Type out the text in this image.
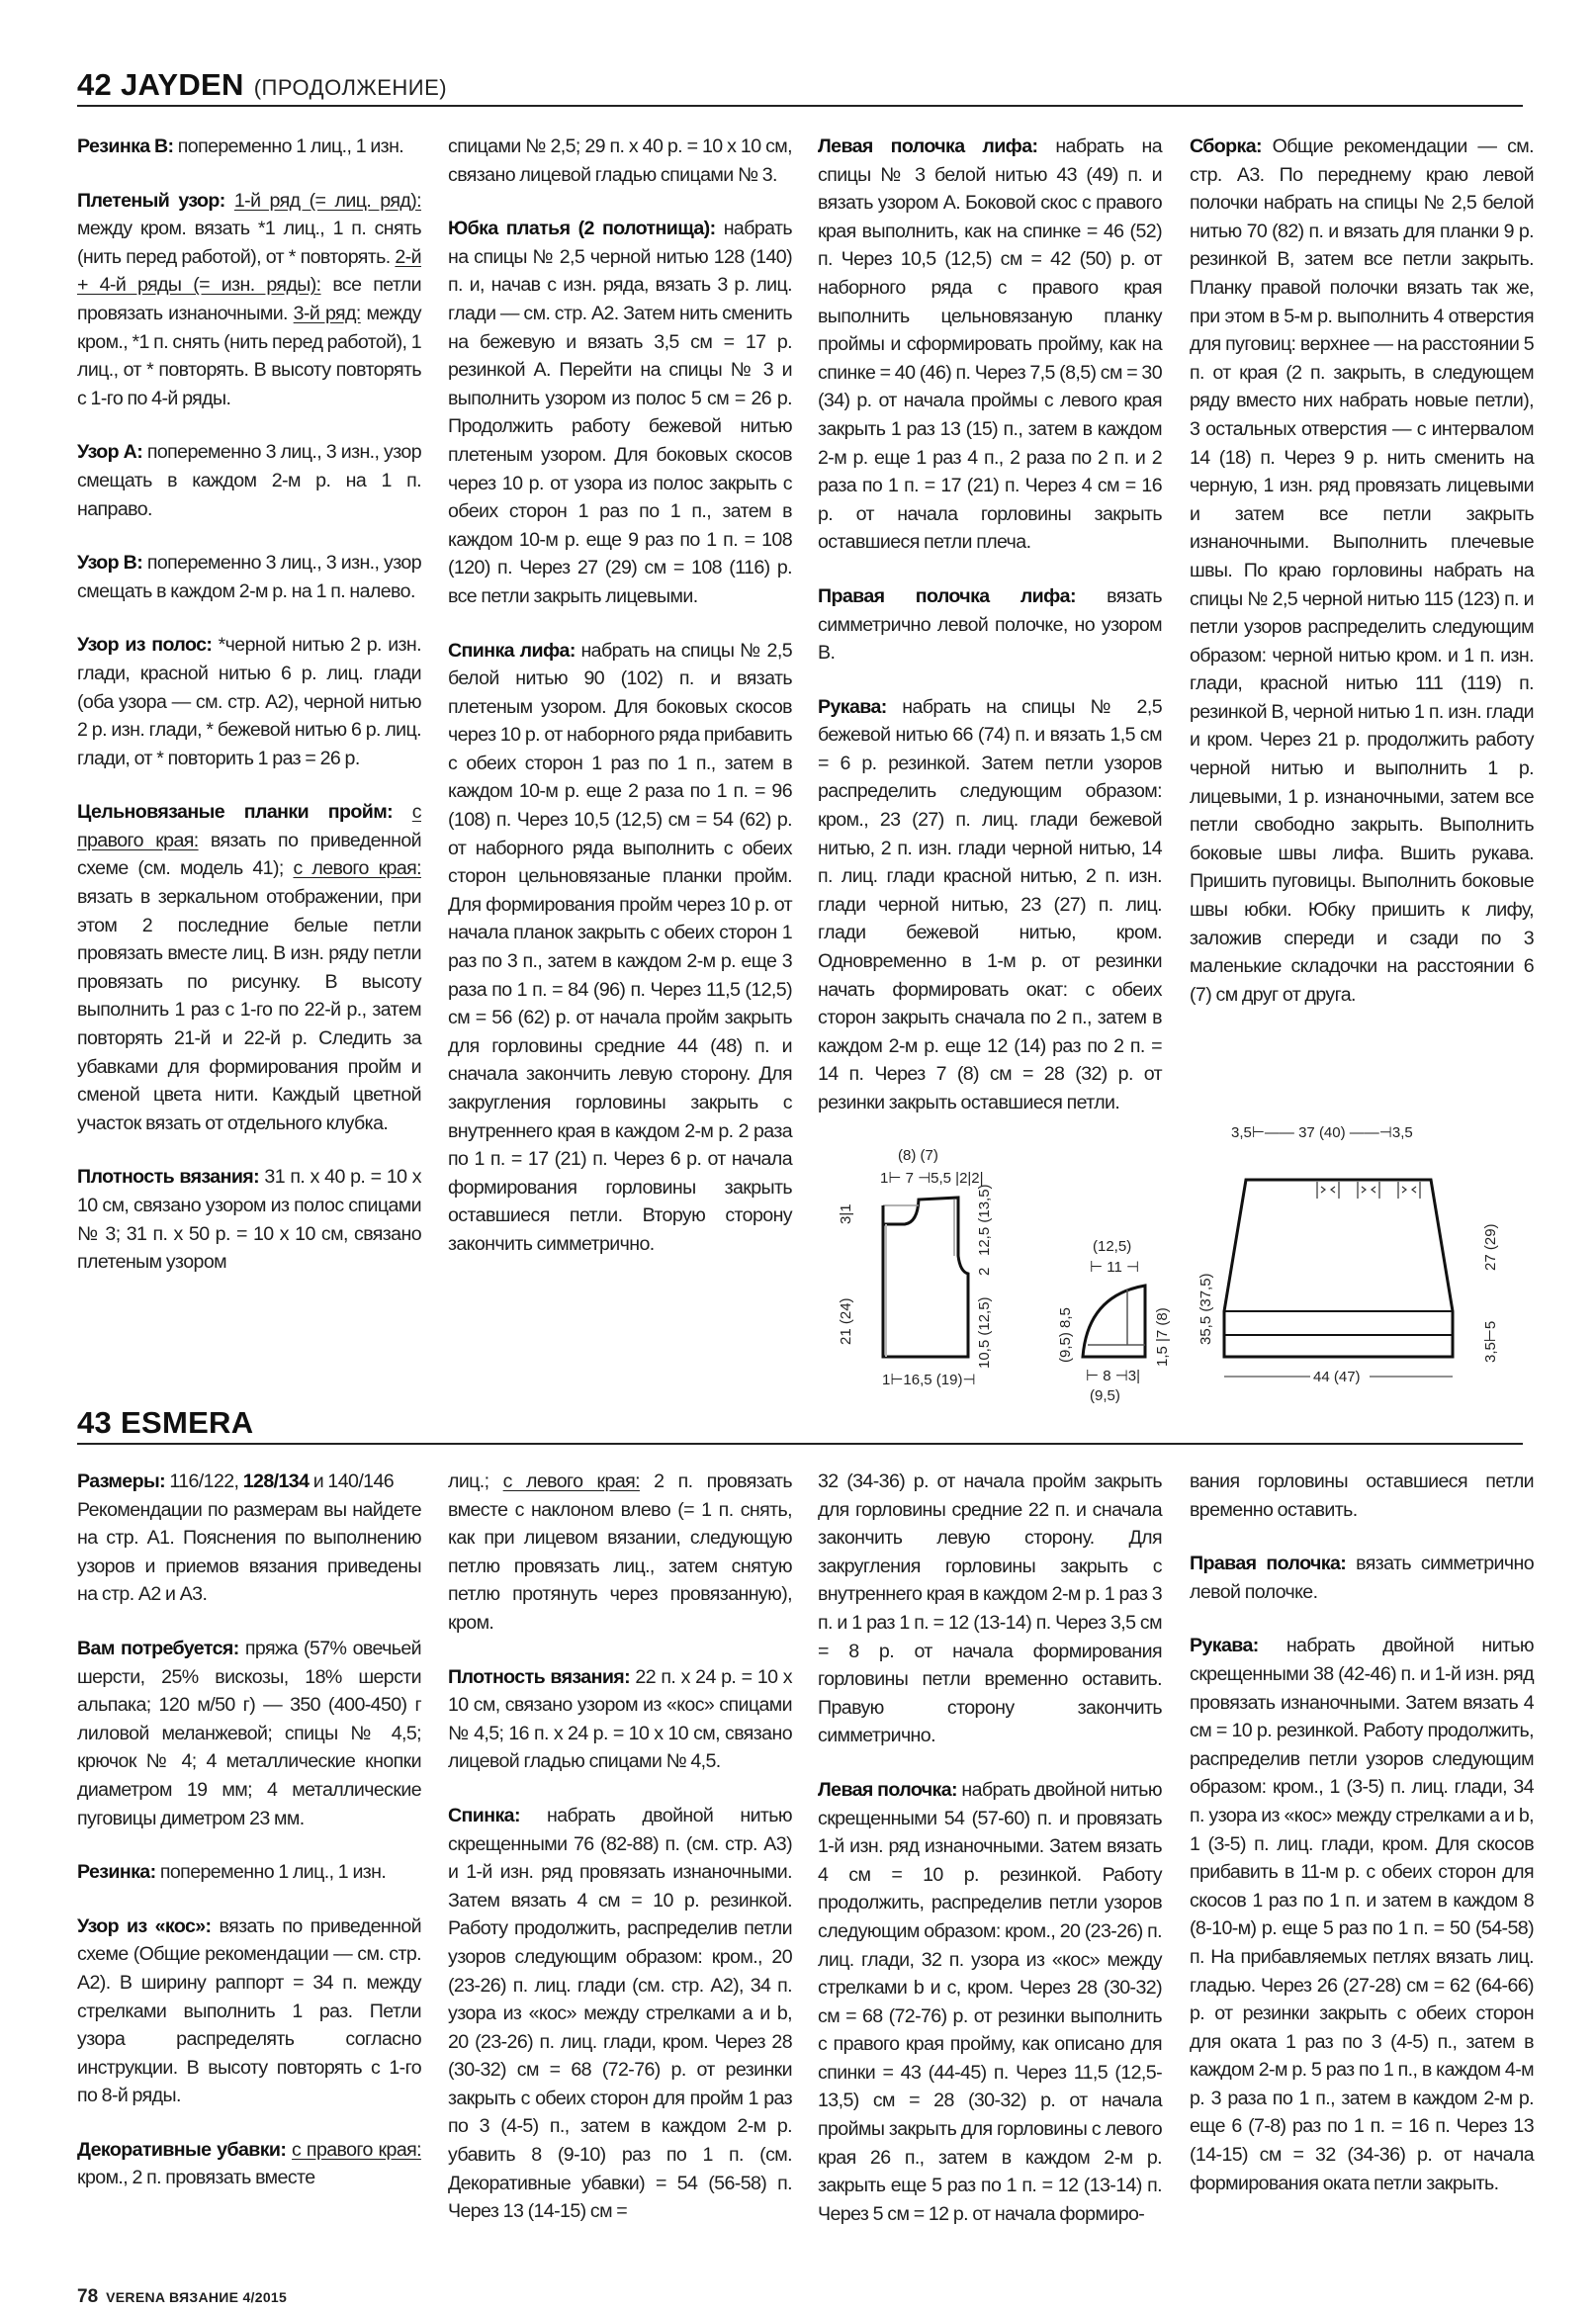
42 JAYDEN (ПРОДОЛЖЕНИЕ)

Резинка B: попеременно 1 лиц., 1 изн.

Плетеный узор: 1-й ряд (= лиц. ряд): между кром. вязать *1 лиц., 1 п. снять (нить перед работой), от * повторять. 2-й + 4-й ряды (= изн. ряды): все петли провязать изнаночными. 3-й ряд: между кром., *1 п. снять (нить перед работой), 1 лиц., от * повторять. В высоту повторять с 1-го по 4-й ряды.

Узор A: попеременно 3 лиц., 3 изн., узор смещать в каждом 2-м р. на 1 п. направо.

Узор B: попеременно 3 лиц., 3 изн., узор смещать в каждом 2-м р. на 1 п. налево.

Узор из полос: *черной нитью 2 р. изн. глади, красной нитью 6 р. лиц. глади (оба узора — см. стр. A2), черной нитью 2 р. изн. глади, * бежевой нитью 6 р. лиц. глади, от * повторить 1 раз = 26 р.

Цельновязаные планки пройм: с правого края: вязать по приведенной схеме (см. модель 41); с левого края: вязать в зеркальном отображении, при этом 2 последние белые петли провязать вместе лиц. В изн. ряду петли провязать по рисунку. В высоту выполнить 1 раз с 1-го по 22-й р., затем повторять 21-й и 22-й р. Следить за убавками для формирования пройм и сменой цвета нити. Каждый цветной участок вязать от отдельного клубка.

Плотность вязания: 31 п. х 40 р. = 10 х 10 см, связано узором из полос спицами № 3; 31 п. х 50 р. = 10 х 10 см, связано плетеным узором

спицами № 2,5; 29 п. х 40 р. = 10 х 10 см, связано лицевой гладью спицами № 3.

Юбка платья (2 полотнища): набрать на спицы № 2,5 черной нитью 128 (140) п. и, начав с изн. ряда, вязать 3 р. лиц. глади — см. стр. A2. Затем нить сменить на бежевую и вязать 3,5 см = 17 р. резинкой A. Перейти на спицы № 3 и выполнить узором из полос 5 см = 26 р. Продолжить работу бежевой нитью плетеным узором. Для боковых скосов через 10 р. от узора из полос закрыть с обеих сторон 1 раз по 1 п., затем в каждом 10-м р. еще 9 раз по 1 п. = 108 (120) п. Через 27 (29) см = 108 (116) р. все петли закрыть лицевыми.

Спинка лифа: набрать на спицы № 2,5 белой нитью 90 (102) п. и вязать плетеным узором. Для боковых скосов через 10 р. от наборного ряда прибавить с обеих сторон 1 раз по 1 п., затем в каждом 10-м р. еще 2 раза по 1 п. = 96 (108) п. Через 10,5 (12,5) см = 54 (62) р. от наборного ряда выполнить с обеих сторон цельновязаные планки пройм. Для формирования пройм через 10 р. от начала планок закрыть с обеих сторон 1 раз по 3 п., затем в каждом 2-м р. еще 3 раза по 1 п. = 84 (96) п. Через 11,5 (12,5) см = 56 (62) р. от начала пройм закрыть для горловины средние 44 (48) п. и сначала закончить левую сторону. Для закругления горловины закрыть с внутреннего края в каждом 2-м р. 2 раза по 1 п. = 17 (21) п. Через 6 р. от начала формирования горловины закрыть оставшиеся петли. Вторую сторону закончить симметрично.

Левая полочка лифа: набрать на спицы № 3 белой нитью 43 (49) п. и вязать узором A. Боковой скос с правого края выполнить, как на спинке = 46 (52) п. Через 10,5 (12,5) см = 42 (50) р. от наборного ряда с правого края выполнить цельновязаную планку проймы и сформировать пройму, как на спинке = 40 (46) п. Через 7,5 (8,5) см = 30 (34) р. от начала проймы с левого края закрыть 1 раз 13 (15) п., затем в каждом 2-м р. еще 1 раз 4 п., 2 раза по 2 п. и 2 раза по 1 п. = 17 (21) п. Через 4 см = 16 р. от начала горловины закрыть оставшиеся петли плеча.

Правая полочка лифа: вязать симметрично левой полочке, но узором B.

Рукава: набрать на спицы № 2,5 бежевой нитью 66 (74) п. и вязать 1,5 см = 6 р. резинкой. Затем петли узоров распределить следующим образом: кром., 23 (27) п. лиц. глади бежевой нитью, 2 п. изн. глади черной нитью, 14 п. лиц. глади красной нитью, 2 п. изн. глади черной нитью, 23 (27) п. лиц. глади бежевой нитью, кром. Одновременно в 1-м р. от резинки начать формировать окат: с обеих сторон закрыть сначала по 2 п., затем в каждом 2-м р. еще 12 (14) раз по 2 п. = 14 п. Через 7 (8) см = 28 (32) р. от резинки закрыть оставшиеся петли.

Сборка: Общие рекомендации — см. стр. A3. По переднему краю левой полочки набрать на спицы № 2,5 белой нитью 70 (82) п. и вязать для планки 9 р. резинкой B, затем все петли закрыть. Планку правой полочки вязать так же, при этом в 5-м р. выполнить 4 отверстия для пуговиц: верхнее — на расстоянии 5 п. от края (2 п. закрыть, в следующем ряду вместо них набрать новые петли), 3 остальных отверстия — с интервалом 14 (18) п. Через 9 р. нить сменить на черную, 1 изн. ряд провязать лицевыми и затем все петли закрыть изнаночными. Выполнить плечевые швы. По краю горловины набрать на спицы № 2,5 черной нитью 115 (123) п. и петли узоров распределить следующим образом: черной нитью кром. и 1 п. изн. глади, красной нитью 111 (119) п. резинкой B, черной нитью 1 п. изн. глади и кром. Через 21 р. продолжить работу черной нитью и выполнить 1 р. лицевыми, 1 р. изнаночными, затем все петли свободно закрыть. Выполнить боковые швы лифа. Вшить рукава. Пришить пуговицы. Выполнить боковые швы юбки. Юбку пришить к лифу, заложив спереди и сзади по 3 маленькие складочки на расстоянии 6 (7) см друг от друга.

(8) (7)
1⊢ 7 ⊣5,5 |2|2|
3|1
21 (24)
12,5 (13,5)
2
10,5 (12,5)
1⊢16,5 (19)⊣
(12,5)
⊢ 11 ⊣
(9,5) 8,5	1,5 |7 (8)
⊢ 8 ⊣3|
(9,5)
3,5⊢—— 37 (40) ——⊣3,5
35,5 (37,5)
27 (29)
3,5⊢5
44 (47)
43 ESMERA

Размеры: 116/122, 128/134 и 140/146
Рекомендации по размерам вы найдете на стр. A1. Пояснения по выполнению узоров и приемов вязания приведены на стр. A2 и A3.

Вам потребуется: пряжа (57% овечьей шерсти, 25% вискозы, 18% шерсти альпака; 120 м/50 г) — 350 (400-450) г лиловой меланжевой; спицы № 4,5; крючок № 4; 4 металлические кнопки диаметром 19 мм; 4 металлические пуговицы диметром 23 мм.

Резинка: попеременно 1 лиц., 1 изн.

Узор из «кос»: вязать по приведенной схеме (Общие рекомендации — см. стр. A2). В ширину раппорт = 34 п. между стрелками выполнить 1 раз. Петли узора распределять согласно инструкции. В высоту повторять с 1-го по 8-й ряды.

Декоративные убавки: с правого края: кром., 2 п. провязать вместе

лиц.; с левого края: 2 п. провязать вместе с наклоном влево (= 1 п. снять, как при лицевом вязании, следующую петлю провязать лиц., затем снятую петлю протянуть через провязанную), кром.

Плотность вязания: 22 п. х 24 р. = 10 х 10 см, связано узором из «кос» спицами № 4,5; 16 п. х 24 р. = 10 х 10 см, связано лицевой гладью спицами № 4,5.

Спинка: набрать двойной нитью скрещенными 76 (82-88) п. (см. стр. A3) и 1-й изн. ряд провязать изнаночными. Затем вязать 4 см = 10 р. резинкой. Работу продолжить, распределив петли узоров следующим образом: кром., 20 (23-26) п. лиц. глади (см. стр. A2), 34 п. узора из «кос» между стрелками a и b, 20 (23-26) п. лиц. глади, кром. Через 28 (30-32) см = 68 (72-76) р. от резинки закрыть с обеих сторон для пройм 1 раз по 3 (4-5) п., затем в каждом 2-м р. убавить 8 (9-10) раз по 1 п. (см. Декоративные убавки) = 54 (56-58) п. Через 13 (14-15) см =

32 (34-36) р. от начала пройм закрыть для горловины средние 22 п. и сначала закончить левую сторону. Для закругления горловины закрыть с внутреннего края в каждом 2-м р. 1 раз 3 п. и 1 раз 1 п. = 12 (13-14) п. Через 3,5 см = 8 р. от начала формирования горловины петли временно оставить. Правую сторону закончить симметрично.

Левая полочка: набрать двойной нитью скрещенными 54 (57-60) п. и провязать 1-й изн. ряд изнаночными. Затем вязать 4 см = 10 р. резинкой. Работу продолжить, распределив петли узоров следующим образом: кром., 20 (23-26) п. лиц. глади, 32 п. узора из «кос» между стрелками b и c, кром. Через 28 (30-32) см = 68 (72-76) р. от резинки выполнить с правого края пройму, как описано для спинки = 43 (44-45) п. Через 11,5 (12,5-13,5) см = 28 (30-32) р. от начала проймы закрыть для горловины с левого края 26 п., затем в каждом 2-м р. закрыть еще 5 раз по 1 п. = 12 (13-14) п. Через 5 см = 12 р. от начала формиро-

вания горловины оставшиеся петли временно оставить.

Правая полочка: вязать симметрично левой полочке.

Рукава: набрать двойной нитью скрещенными 38 (42-46) п. и 1-й изн. ряд провязать изнаночными. Затем вязать 4 см = 10 р. резинкой. Работу продолжить, распределив петли узоров следующим образом: кром., 1 (3-5) п. лиц. глади, 34 п. узора из «кос» между стрелками a и b, 1 (3-5) п. лиц. глади, кром. Для скосов прибавить в 11-м р. с обеих сторон для скосов 1 раз по 1 п. и затем в каждом 8 (8-10-м) р. еще 5 раз по 1 п. = 50 (54-58) п. На прибавляемых петлях вязать лиц. гладью. Через 26 (27-28) см = 62 (64-66) р. от резинки закрыть с обеих сторон для оката 1 раз по 3 (4-5) п., затем в каждом 2-м р. 5 раз по 1 п., в каждом 4-м р. 3 раза по 1 п., затем в каждом 2-м р. еще 6 (7-8) раз по 1 п. = 16 п. Через 13 (14-15) см = 32 (34-36) р. от начала формирования оката петли закрыть.

78 VERENA ВЯЗАНИЕ 4/2015
